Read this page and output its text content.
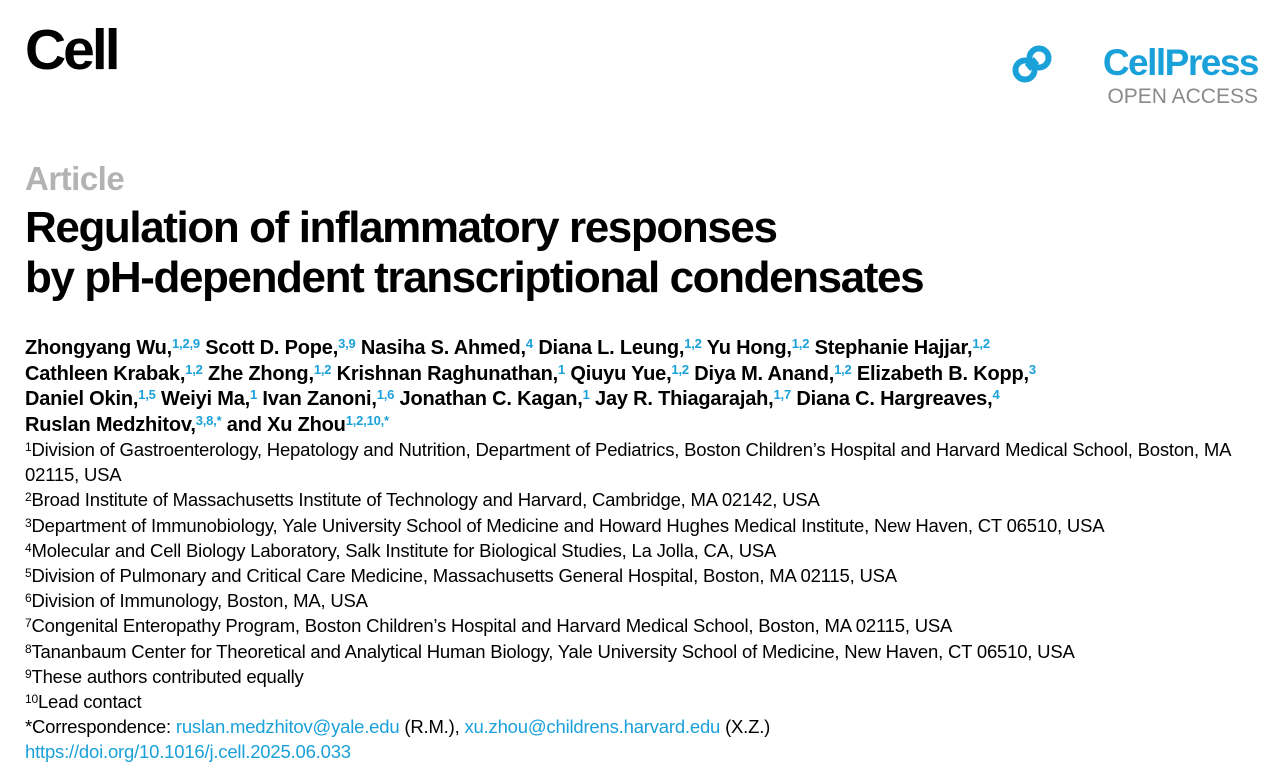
Cell	CellPress
OPEN ACCESS
Article
Regulation of inflammatory responses
by pH-dependent transcriptional condensates
Zhongyang Wu,$^{1,2,9}$ Scott D. Pope,$^{3,9}$ Nasiha S. Ahmed,$^4$ Diana L. Leung,$^{1,2}$ Yu Hong,$^{1,2}$ Stephanie Hajjar,$^{1,2}$
Cathleen Krabak,$^{1,2}$ Zhe Zhong,$^{1,2}$ Krishnan Raghunathan,$^1$ Qiuyu Yue,$^{1,2}$ Diya M. Anand,$^{1,2}$ Elizabeth B. Kopp,$^3$
Daniel Okin,$^{1,5}$ Weiyi Ma,$^1$ Ivan Zanoni,$^{1,6}$ Jonathan C. Kagan,$^1$ Jay R. Thiagarajah,$^{1,7}$ Diana C. Hargreaves,$^4$
Ruslan Medzhitov,$^{3,8,*}$ and Xu Zhou$^{1,2,10,*}$
$^1$Division of Gastroenterology, Hepatology and Nutrition, Department of Pediatrics, Boston Children’s Hospital and Harvard Medical School, Boston, MA 02115, USA
$^2$Broad Institute of Massachusetts Institute of Technology and Harvard, Cambridge, MA 02142, USA
$^3$Department of Immunobiology, Yale University School of Medicine and Howard Hughes Medical Institute, New Haven, CT 06510, USA
$^4$Molecular and Cell Biology Laboratory, Salk Institute for Biological Studies, La Jolla, CA, USA
$^5$Division of Pulmonary and Critical Care Medicine, Massachusetts General Hospital, Boston, MA 02115, USA
$^6$Division of Immunology, Boston, MA, USA
$^7$Congenital Enteropathy Program, Boston Children’s Hospital and Harvard Medical School, Boston, MA 02115, USA
$^8$Tananbaum Center for Theoretical and Analytical Human Biology, Yale University School of Medicine, New Haven, CT 06510, USA
$^9$These authors contributed equally
$^{10}$Lead contact
*Correspondence: ruslan.medzhitov@yale.edu (R.M.), xu.zhou@childrens.harvard.edu (X.Z.)
https://doi.org/10.1016/j.cell.2025.06.033
